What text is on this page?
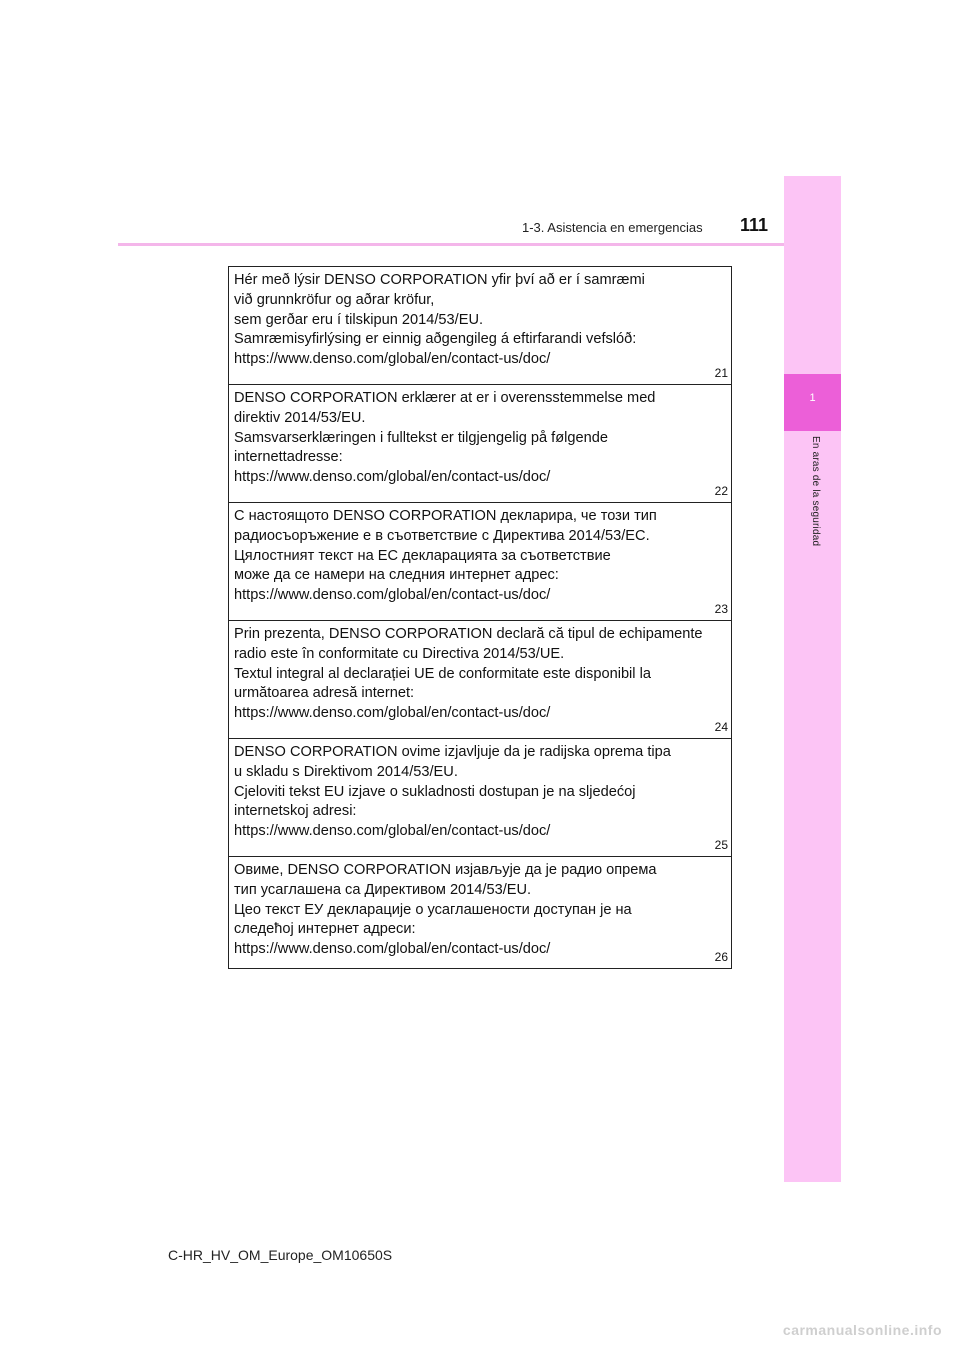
1-3. Asistencia en emergencias 111
1
En aras de la seguridad
Hér með lýsir DENSO CORPORATION yfir því að er í samræmi
við grunnkröfur og aðrar kröfur,
sem gerðar eru í tilskipun 2014/53/EU.
Samræmisyfirlýsing er einnig aðgengileg á eftirfarandi vefslóð:
https://www.denso.com/global/en/contact-us/doc/
21
DENSO CORPORATION erklærer at er i overensstemmelse med
direktiv 2014/53/EU.
Samsvarserklæringen i fulltekst er tilgjengelig på følgende
internettadresse:
https://www.denso.com/global/en/contact-us/doc/
22
С настоящото DENSO CORPORATION декларира, че този тип
радиосъоръжение е в съответствие с Директива 2014/53/ЕС.
Цялостният текст на ЕС декларацията за съответствие
може да се намери на следния интернет адрес:
https://www.denso.com/global/en/contact-us/doc/
23
Prin prezenta, DENSO CORPORATION declară că tipul de echipamente
radio este în conformitate cu Directiva 2014/53/UE.
Textul integral al declarației UE de conformitate este disponibil la
următoarea adresă internet:
https://www.denso.com/global/en/contact-us/doc/
24
DENSO CORPORATION ovime izjavljuje da je radijska oprema tipa
u skladu s Direktivom 2014/53/EU.
Cjeloviti tekst EU izjave o sukladnosti dostupan je na sljedećoj
internetskoj adresi:
https://www.denso.com/global/en/contact-us/doc/
25
Овиме, DENSO CORPORATION изјављује да је радио опрема
тип усаглашена са Директивом 2014/53/EU.
Цео текст ЕУ декларације о усаглашености доступан је на
следећој интернет адреси:
https://www.denso.com/global/en/contact-us/doc/	26
C-HR_HV_OM_Europe_OM10650S
carmanualsonline.info
